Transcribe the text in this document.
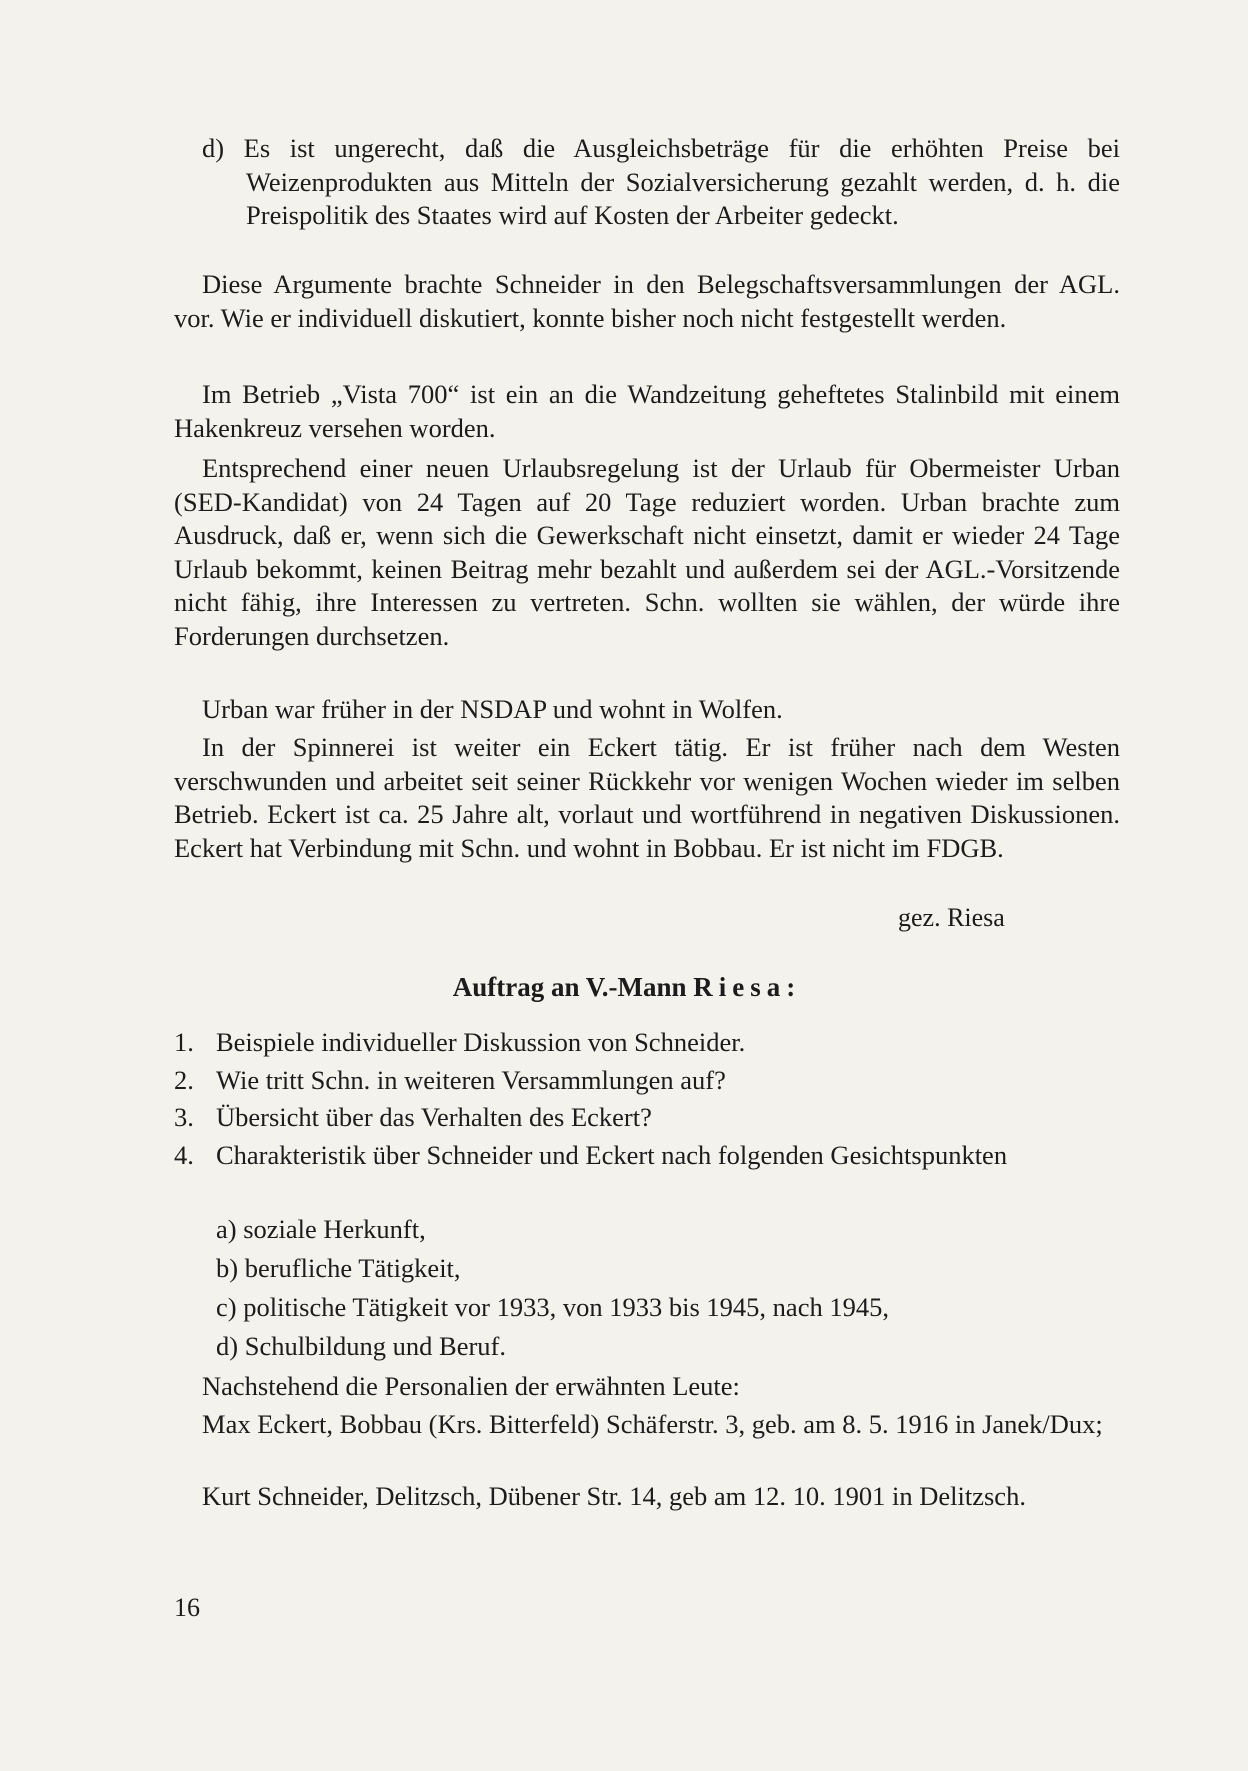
d) Es ist ungerecht, daß die Ausgleichsbeträge für die erhöhten Preise bei Weizenprodukten aus Mitteln der Sozialversicherung gezahlt werden, d. h. die Preispolitik des Staates wird auf Kosten der Arbeiter gedeckt.
Diese Argumente brachte Schneider in den Belegschaftsversammlungen der AGL. vor. Wie er individuell diskutiert, konnte bisher noch nicht festgestellt werden.
Im Betrieb „Vista 700“ ist ein an die Wandzeitung geheftetes Stalinbild mit einem Hakenkreuz versehen worden.
Entsprechend einer neuen Urlaubsregelung ist der Urlaub für Obermeister Urban (SED-Kandidat) von 24 Tagen auf 20 Tage reduziert worden. Urban brachte zum Ausdruck, daß er, wenn sich die Gewerkschaft nicht einsetzt, damit er wieder 24 Tage Urlaub bekommt, keinen Beitrag mehr bezahlt und außerdem sei der AGL.-Vorsitzende nicht fähig, ihre Interessen zu vertreten. Schn. wollten sie wählen, der würde ihre Forderungen durchsetzen.
Urban war früher in der NSDAP und wohnt in Wolfen.
In der Spinnerei ist weiter ein Eckert tätig. Er ist früher nach dem Westen verschwunden und arbeitet seit seiner Rückkehr vor wenigen Wochen wieder im selben Betrieb. Eckert ist ca. 25 Jahre alt, vorlaut und wortführend in negativen Diskussionen. Eckert hat Verbindung mit Schn. und wohnt in Bobbau. Er ist nicht im FDGB.
gez. Riesa
Auftrag an V.-Mann Riesa:
1. Beispiele individueller Diskussion von Schneider.
2. Wie tritt Schn. in weiteren Versammlungen auf?
3. Übersicht über das Verhalten des Eckert?
4. Charakteristik über Schneider und Eckert nach folgenden Gesichtspunkten
a) soziale Herkunft,
b) berufliche Tätigkeit,
c) politische Tätigkeit vor 1933, von 1933 bis 1945, nach 1945,
d) Schulbildung und Beruf.
Nachstehend die Personalien der erwähnten Leute:
Max Eckert, Bobbau (Krs. Bitterfeld) Schäferstr. 3, geb. am 8. 5. 1916 in Janek/Dux;
Kurt Schneider, Delitzsch, Dübener Str. 14, geb am 12. 10. 1901 in Delitzsch.
16
